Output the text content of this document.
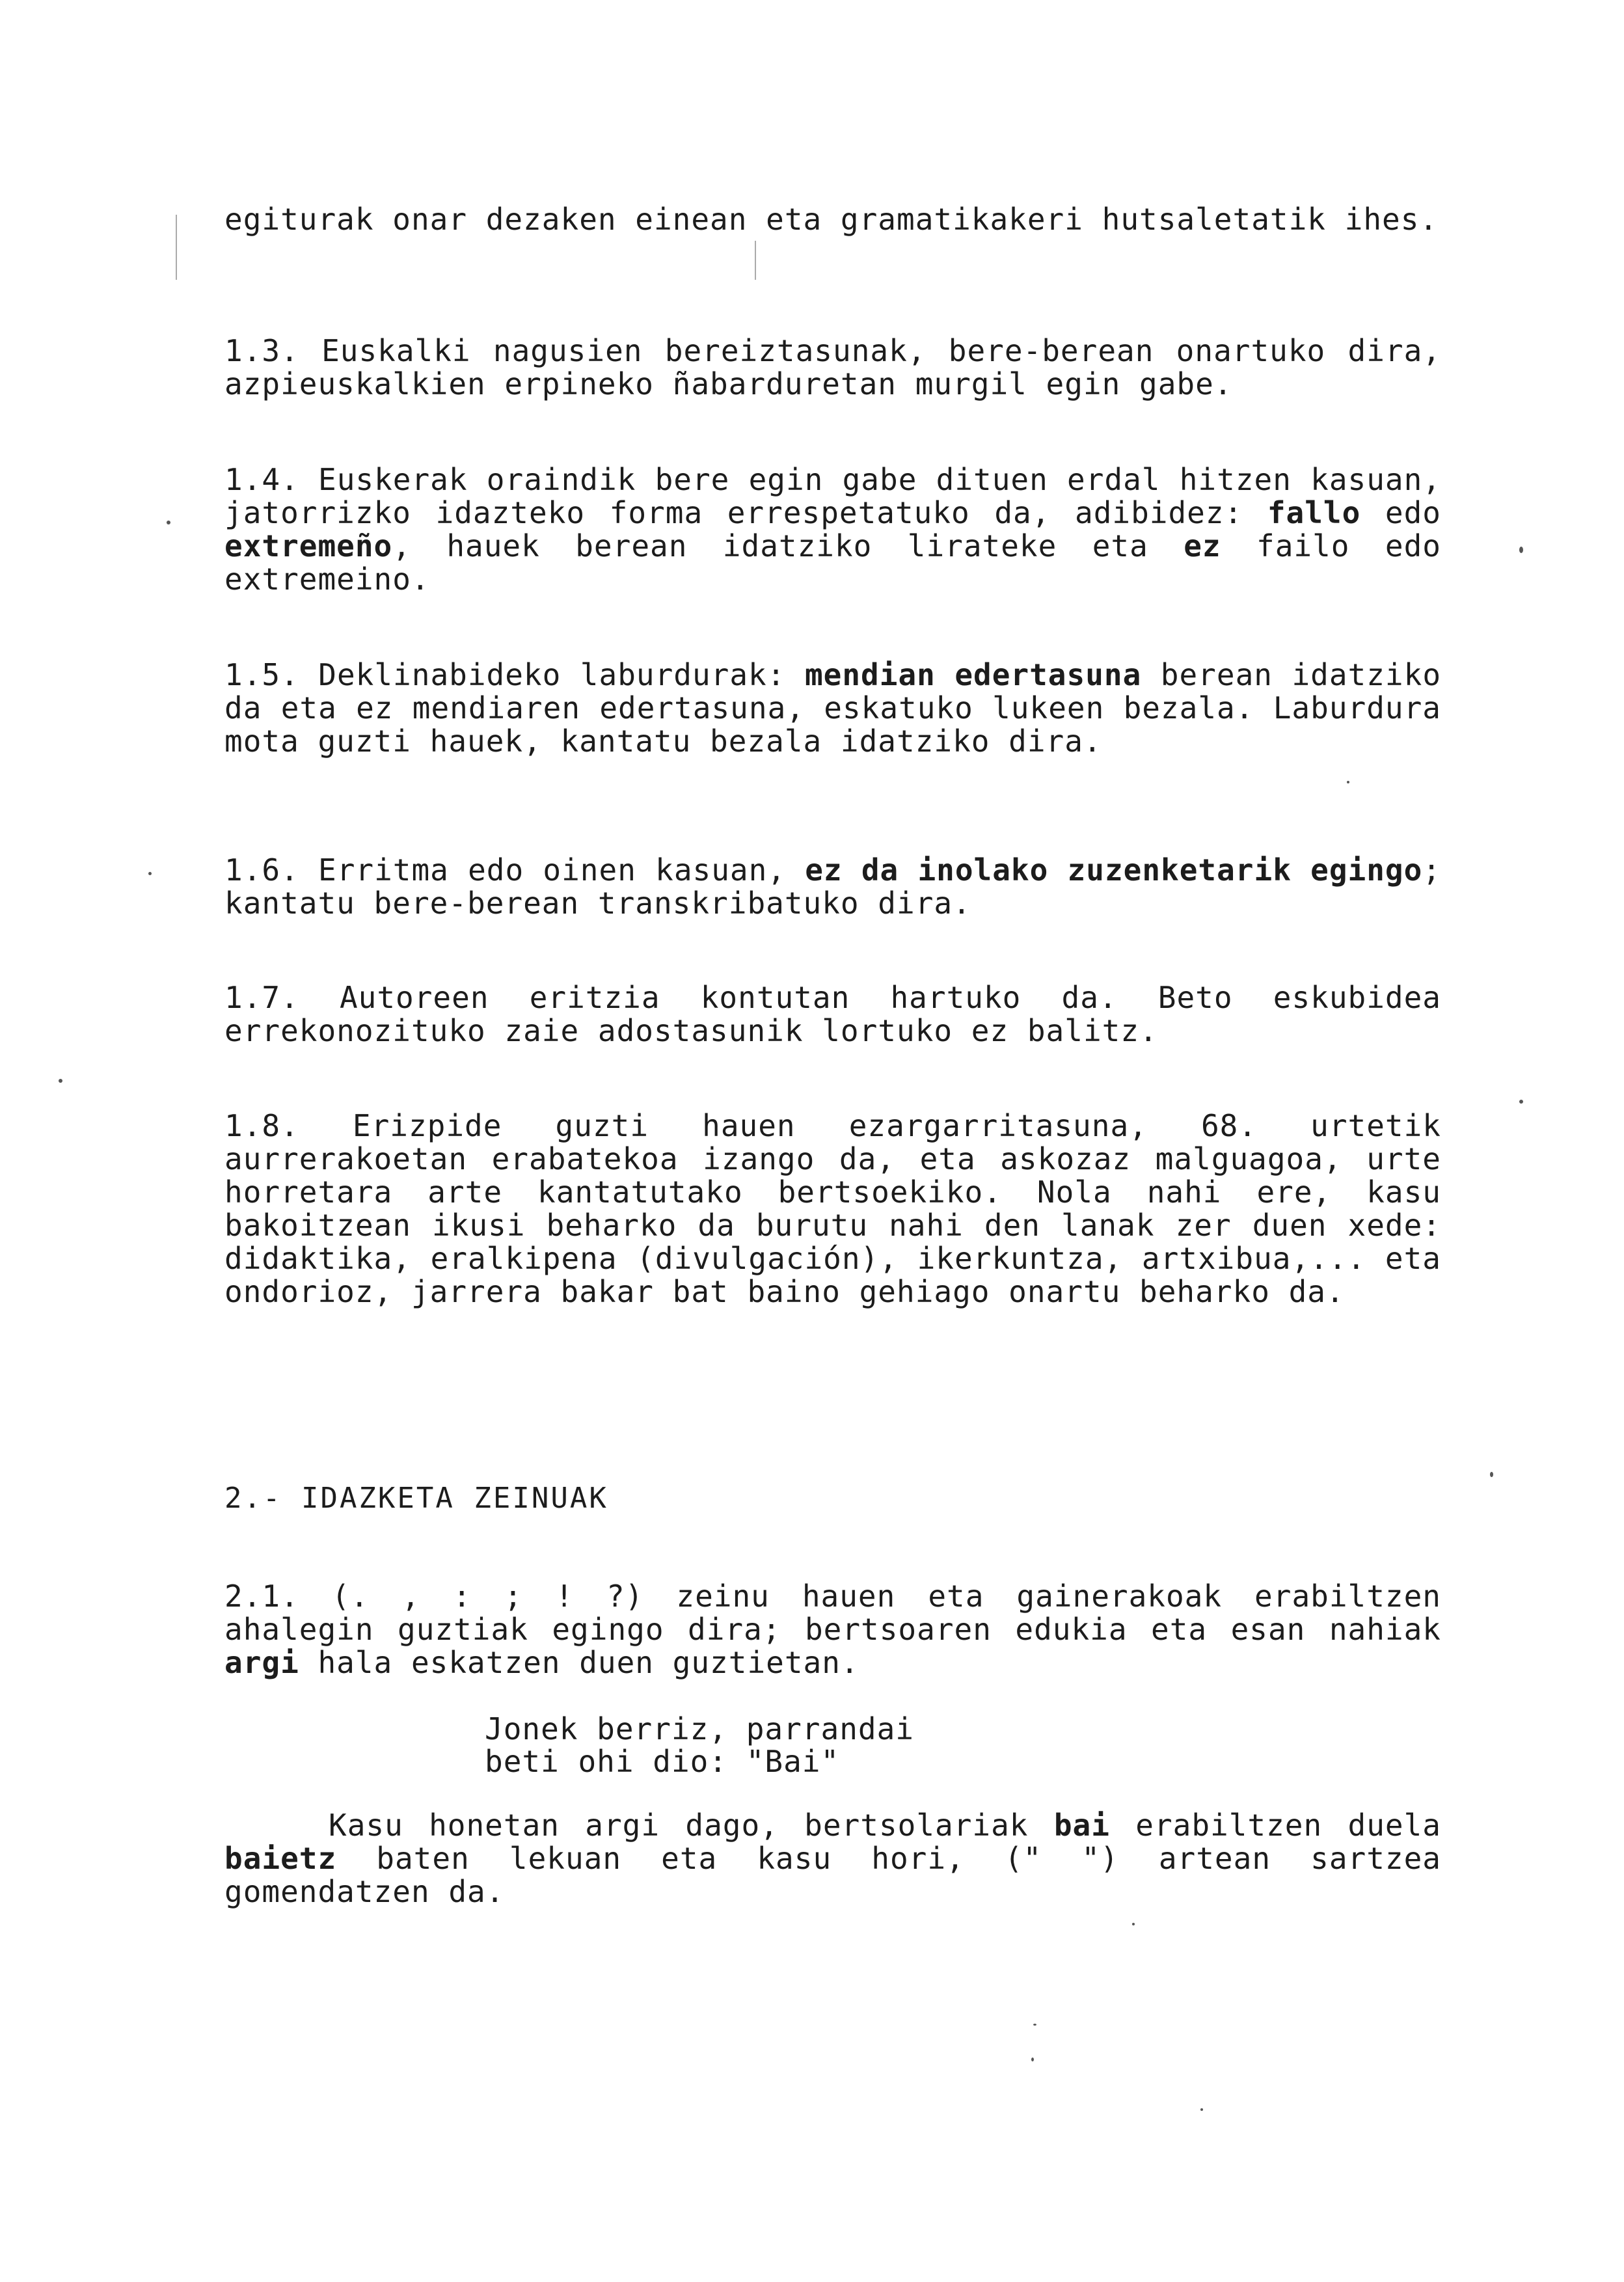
egiturak onar dezaken einean eta gramatikakeri hutsaletatik ihes.

1.3. Euskalki nagusien bereiztasunak, bere-berean onartuko dira, azpieuskalkien erpineko ñabarduretan murgil egin gabe.

1.4. Euskerak oraindik bere egin gabe dituen erdal hitzen kasuan, jatorrizko idazteko forma errespetatuko da, adibidez: fallo edo extremeño, hauek berean idatziko lirateke eta ez failo edo extremeino.

1.5. Deklinabideko laburdurak: mendian edertasuna berean idatziko da eta ez mendiaren edertasuna, eskatuko lukeen bezala. Laburdura mota guzti hauek, kantatu bezala idatziko dira.

1.6. Erritma edo oinen kasuan, ez da inolako zuzenketarik egingo; kantatu bere-berean transkribatuko dira.

1.7. Autoreen eritzia kontutan hartuko da. Beto eskubidea errekonozituko zaie adostasunik lortuko ez balitz.

1.8. Erizpide guzti hauen ezargarritasuna, 68. urtetik aurrerakoetan erabatekoa izango da, eta askozaz malguagoa, urte horretara arte kantatutako bertsoekiko. Nola nahi ere, kasu bakoitzean ikusi beharko da burutu nahi den lanak zer duen xede: didaktika, eralkipena (divulgación), ikerkuntza, artxibua,... eta ondorioz, jarrera bakar bat baino gehiago onartu beharko da.

2.- IDAZKETA ZEINUAK

2.1. (. , : ; ! ?) zeinu hauen eta gainerakoak erabiltzen ahalegin guztiak egingo dira; bertsoaren edukia eta esan nahiak argi hala eskatzen duen guztietan.

Jonek berriz, parrandai
beti ohi dio: "Bai"

Kasu honetan argi dago, bertsolariak bai erabiltzen duela baietz baten lekuan eta kasu hori, (" ") artean sartzea gomendatzen da.
